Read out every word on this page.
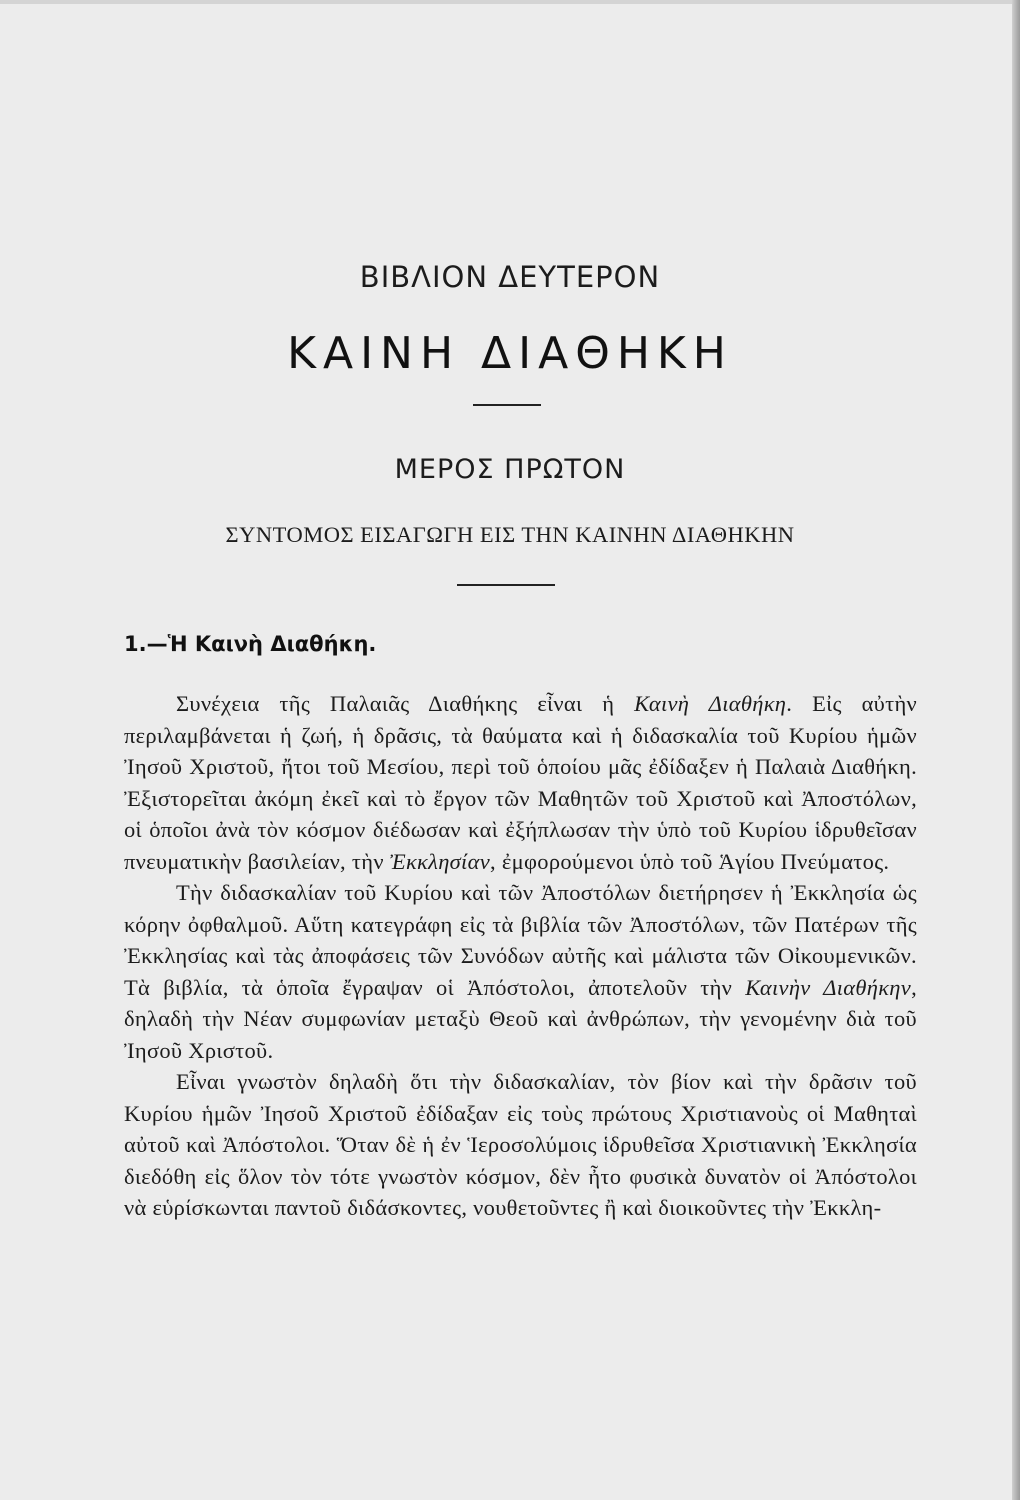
ΒΙΒΛΙΟΝ ΔΕΥΤΕΡΟΝ
ΚΑΙΝΗ ΔΙΑΘΗΚΗ
ΜΕΡΟΣ ΠΡΩΤΟΝ
ΣΥΝΤΟΜΟΣ ΕΙΣΑΓΩΓΗ ΕΙΣ ΤΗΝ ΚΑΙΝΗΝ ΔΙΑΘΗΚΗΝ
1.—Ἡ Καινὴ Διαθήκη.

Συνέχεια τῆς Παλαιᾶς Διαθήκης εἶναι ἡ Καινὴ Διαθήκη. Εἰς αὐτὴν περιλαμβάνεται ἡ ζωή, ἡ δρᾶσις, τὰ θαύματα καὶ ἡ διδασκαλία τοῦ Κυρίου ἡμῶν Ἰησοῦ Χριστοῦ, ἤτοι τοῦ Μεσίου, περὶ τοῦ ὁποίου μᾶς ἐδίδαξεν ἡ Παλαιὰ Διαθήκη. Ἐξιστορεῖται ἀκόμη ἐκεῖ καὶ τὸ ἔργον τῶν Μαθητῶν τοῦ Χριστοῦ καὶ Ἀποστόλων, οἱ ὁποῖοι ἀνὰ τὸν κόσμον διέδωσαν καὶ ἐξήπλωσαν τὴν ὑπὸ τοῦ Κυρίου ἱδρυθεῖσαν πνευματικὴν βασιλείαν, τὴν Ἐκκλησίαν, ἐμφορούμενοι ὑπὸ τοῦ Ἁγίου Πνεύματος.

Τὴν διδασκαλίαν τοῦ Κυρίου καὶ τῶν Ἀποστόλων διετήρησεν ἡ Ἐκκλησία ὡς κόρην ὀφθαλμοῦ. Αὕτη κατεγράφη εἰς τὰ βιβλία τῶν Ἀποστόλων, τῶν Πατέρων τῆς Ἐκκλησίας καὶ τὰς ἀποφάσεις τῶν Συνόδων αὐτῆς καὶ μάλιστα τῶν Οἰκουμενικῶν. Τὰ βιβλία, τὰ ὁποῖα ἔγραψαν οἱ Ἀπόστολοι, ἀποτελοῦν τὴν Καινὴν Διαθήκην, δηλαδὴ τὴν Νέαν συμφωνίαν μεταξὺ Θεοῦ καὶ ἀνθρώπων, τὴν γενομένην διὰ τοῦ Ἰησοῦ Χριστοῦ.

Εἶναι γνωστὸν δηλαδὴ ὅτι τὴν διδασκαλίαν, τὸν βίον καὶ τὴν δρᾶσιν τοῦ Κυρίου ἡμῶν Ἰησοῦ Χριστοῦ ἐδίδαξαν εἰς τοὺς πρώτους Χριστιανοὺς οἱ Μαθηταὶ αὐτοῦ καὶ Ἀπόστολοι. Ὅταν δὲ ἡ ἐν Ἱεροσολύμοις ἱδρυθεῖσα Χριστιανικὴ Ἐκκλησία διεδόθη εἰς ὅλον τὸν τότε γνωστὸν κόσμον, δὲν ἦτο φυσικὰ δυνατὸν οἱ Ἀπόστολοι νὰ εὑρίσκωνται παντοῦ διδάσκοντες, νουθετοῦντες ἢ καὶ διοικοῦντες τὴν Ἐκκλη-
